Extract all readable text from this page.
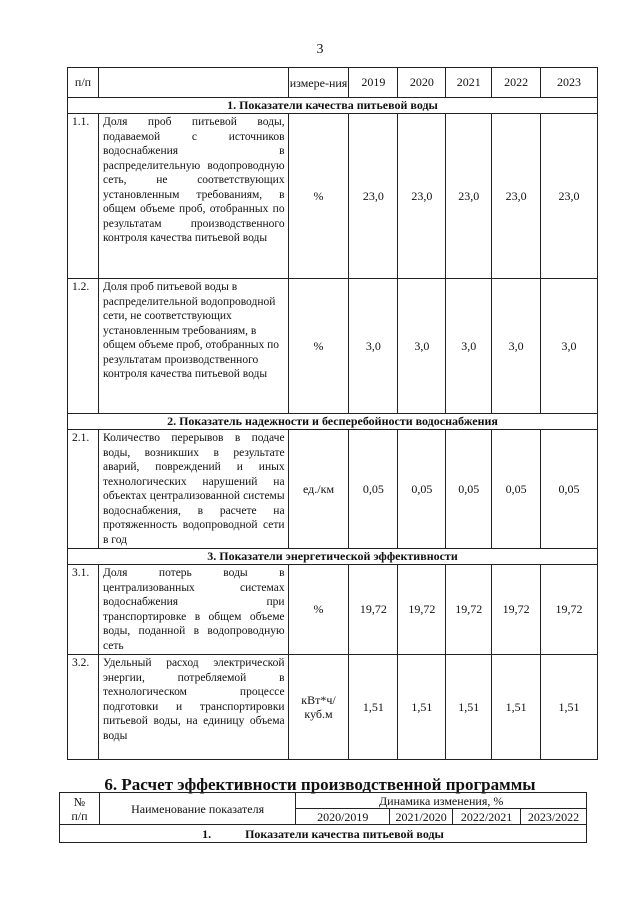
3
п/п		измере-ния	2019	2020	2021	2022	2023
1. Показатели качества питьевой воды							
1.1.	Доля проб питьевой воды, подаваемой с источников водоснабжения в распределительную водопроводную сеть, не соответствующих установленным требованиям, в общем объеме проб, отобранных по результатам производственного контроля качества питьевой воды	%	23,0	23,0	23,0	23,0	23,0
1.2.	Доля проб питьевой воды в распределительной водопроводной сети, не соответствующих установленным требованиям, в общем объеме проб, отобранных по результатам производственного контроля качества питьевой воды	%	3,0	3,0	3,0	3,0	3,0
2. Показатель надежности и бесперебойности водоснабжения							
2.1.	Количество перерывов в подаче воды, возникших в результате аварий, повреждений и иных технологических нарушений на объектах централизованной системы водоснабжения, в расчете на протяженность водопроводной сети в год	ед./км	0,05	0,05	0,05	0,05	0,05
3. Показатели энергетической эффективности							
3.1.	Доля потерь воды в централизованных системах водоснабжения при транспортировке в общем объеме воды, поданной в водопроводную сеть	%	19,72	19,72	19,72	19,72	19,72
3.2.	Удельный расход электрической энергии, потребляемой в технологическом процессе подготовки и транспортировки питьевой воды, на единицу объема воды	кВт*ч/ куб.м	1,51	1,51	1,51	1,51	1,51
6. Расчет эффективности производственной программы
№
п/п	Наименование показателя	Динамика изменения, %			
		2020/2019	2021/2020	2022/2021	2023/2022
1. Показатели качества питьевой воды					
